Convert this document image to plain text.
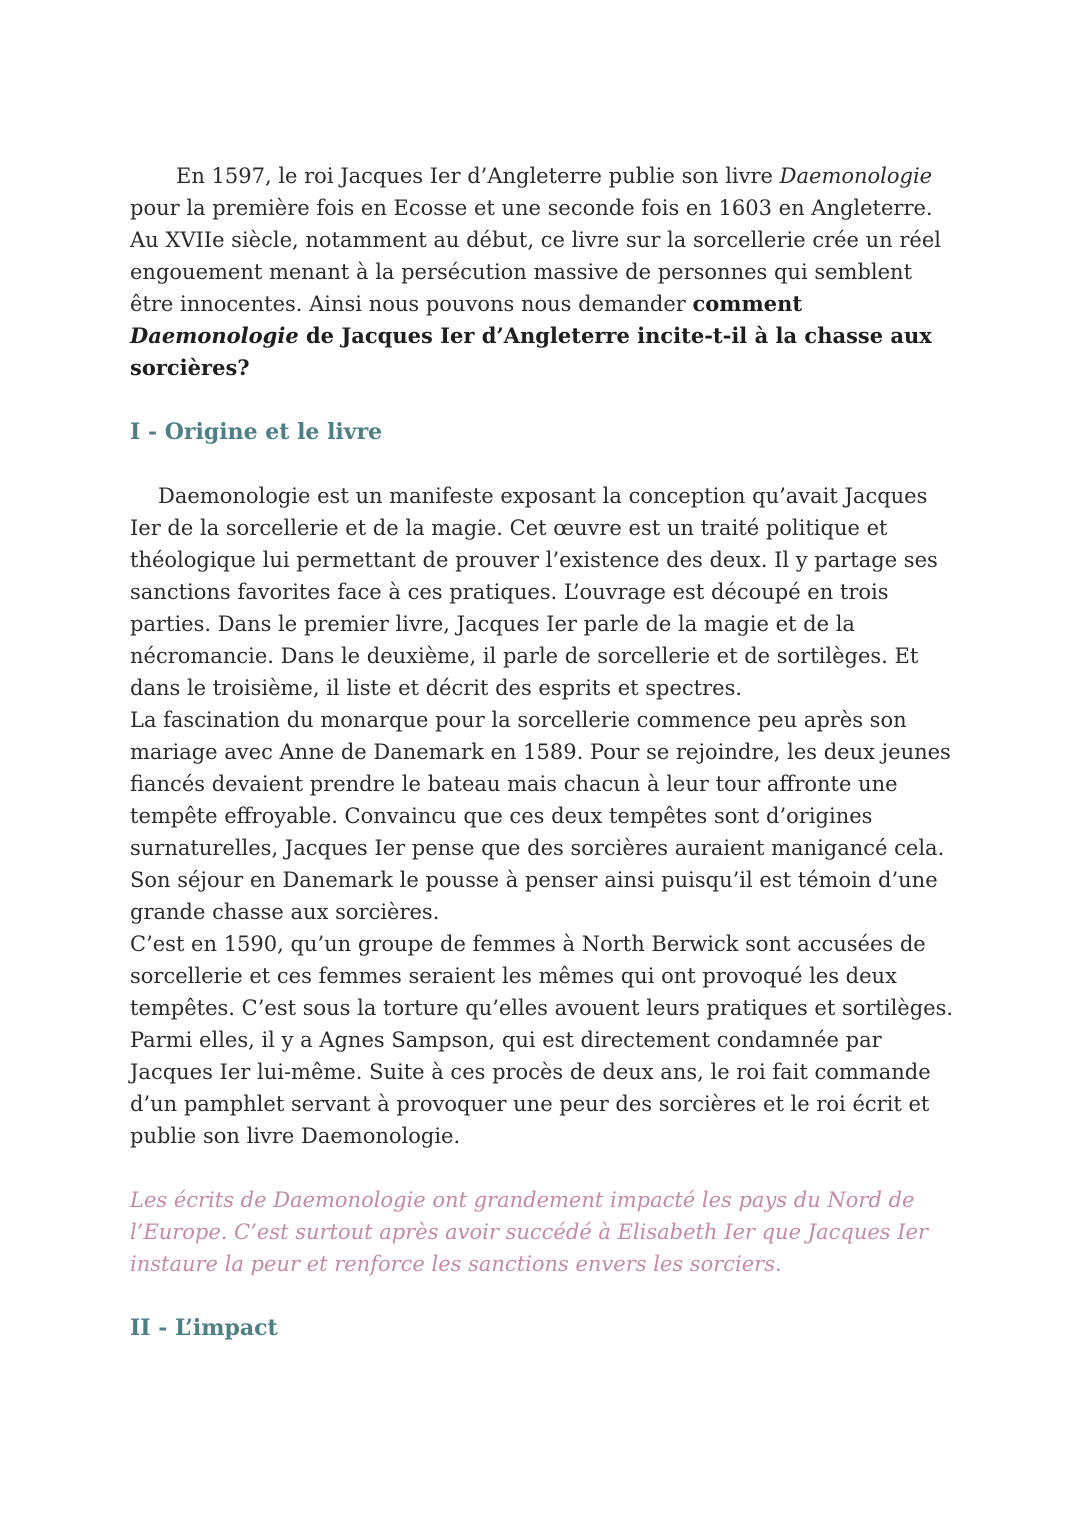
En 1597, le roi Jacques Ier d’Angleterre publie son livre Daemonologie pour la première fois en Ecosse et une seconde fois en 1603 en Angleterre. Au XVIIe siècle, notamment au début, ce livre sur la sorcellerie crée un réel engouement menant à la persécution massive de personnes qui semblent être innocentes. Ainsi nous pouvons nous demander comment Daemonologie de Jacques Ier d’Angleterre incite-t-il à la chasse aux sorcières?

I - Origine et le livre

Daemonologie est un manifeste exposant la conception qu’avait Jacques Ier de la sorcellerie et de la magie. Cet œuvre est un traité politique et théologique lui permettant de prouver l’existence des deux. Il y partage ses sanctions favorites face à ces pratiques. L’ouvrage est découpé en trois parties. Dans le premier livre, Jacques Ier parle de la magie et de la nécromancie. Dans le deuxième, il parle de sorcellerie et de sortilèges. Et dans le troisième, il liste et décrit des esprits et spectres.

La fascination du monarque pour la sorcellerie commence peu après son mariage avec Anne de Danemark en 1589. Pour se rejoindre, les deux jeunes fiancés devaient prendre le bateau mais chacun à leur tour affronte une tempête effroyable. Convaincu que ces deux tempêtes sont d’origines surnaturelles, Jacques Ier pense que des sorcières auraient manigancé cela. Son séjour en Danemark le pousse à penser ainsi puisqu’il est témoin d’une grande chasse aux sorcières.

C’est en 1590, qu’un groupe de femmes à North Berwick sont accusées de sorcellerie et ces femmes seraient les mêmes qui ont provoqué les deux tempêtes. C’est sous la torture qu’elles avouent leurs pratiques et sortilèges. Parmi elles, il y a Agnes Sampson, qui est directement condamnée par Jacques Ier lui-même. Suite à ces procès de deux ans, le roi fait commande d’un pamphlet servant à provoquer une peur des sorcières et le roi écrit et publie son livre Daemonologie.

Les écrits de Daemonologie ont grandement impacté les pays du Nord de l’Europe. C’est surtout après avoir succédé à Elisabeth Ier que Jacques Ier instaure la peur et renforce les sanctions envers les sorciers.

II - L’impact
